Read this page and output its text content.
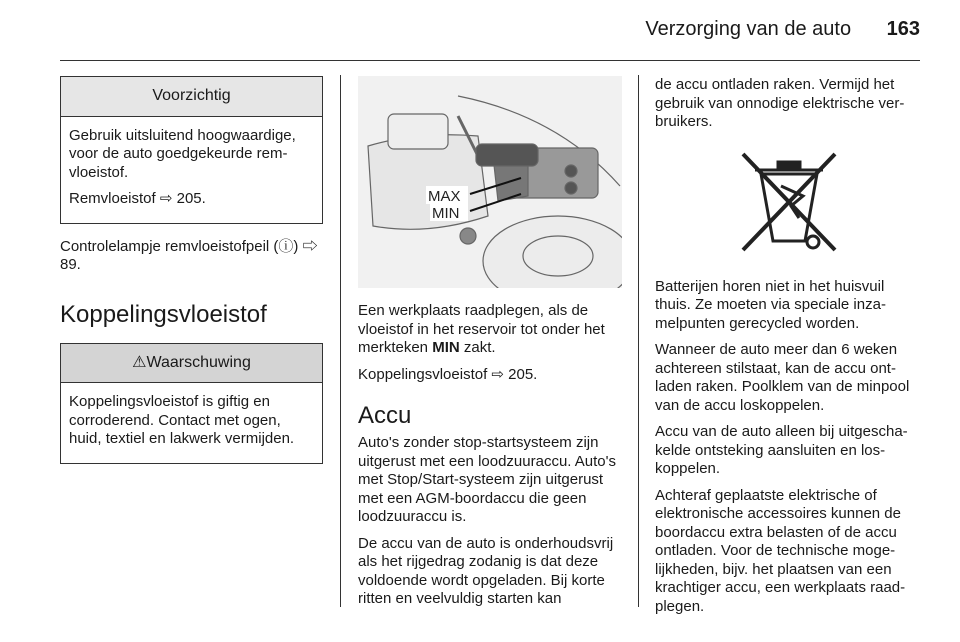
Verzorging van de auto 163
Voorzichtig

Gebruik uitsluitend hoogwaardige, voor de auto goedgekeurde remvloeistof.

Remvloeistof ⇨ 205.

Controlelampje remvloeistofpeil (ⓘ) ⇨ 89.

Koppelingsvloeistof
⚠Waarschuwing

Koppelingsvloeistof is giftig en corroderend. Contact met ogen, huid, textiel en lakwerk vermijden.

MAX
MIN

Een werkplaats raadplegen, als de vloeistof in het reservoir tot onder het merkteken MIN zakt.

Koppelingsvloeistof ⇨ 205.

Accu

Auto's zonder stop-startsysteem zijn uitgerust met een loodzuuraccu. Auto's met Stop/Start-systeem zijn uitgerust met een AGM-boordaccu die geen loodzuuraccu is.

De accu van de auto is onderhoudsvrij als het rijgedrag zodanig is dat deze voldoende wordt opgeladen. Bij korte ritten en veelvuldig starten kan

de accu ontladen raken. Vermijd het gebruik van onnodige elektrische verbruikers.

Batterijen horen niet in het huisvuil thuis. Ze moeten via speciale inzamelpunten gerecycled worden.

Wanneer de auto meer dan 6 weken achtereen stilstaat, kan de accu ontladen raken. Poolklem van de minpool van de accu loskoppelen.

Accu van de auto alleen bij uitgeschakelde ontsteking aansluiten en loskoppelen.

Achteraf geplaatste elektrische of elektronische accessoires kunnen de boordaccu extra belasten of de accu ontladen. Voor de technische mogelijkheden, bijv. het plaatsen van een krachtiger accu, een werkplaats raadplegen.
